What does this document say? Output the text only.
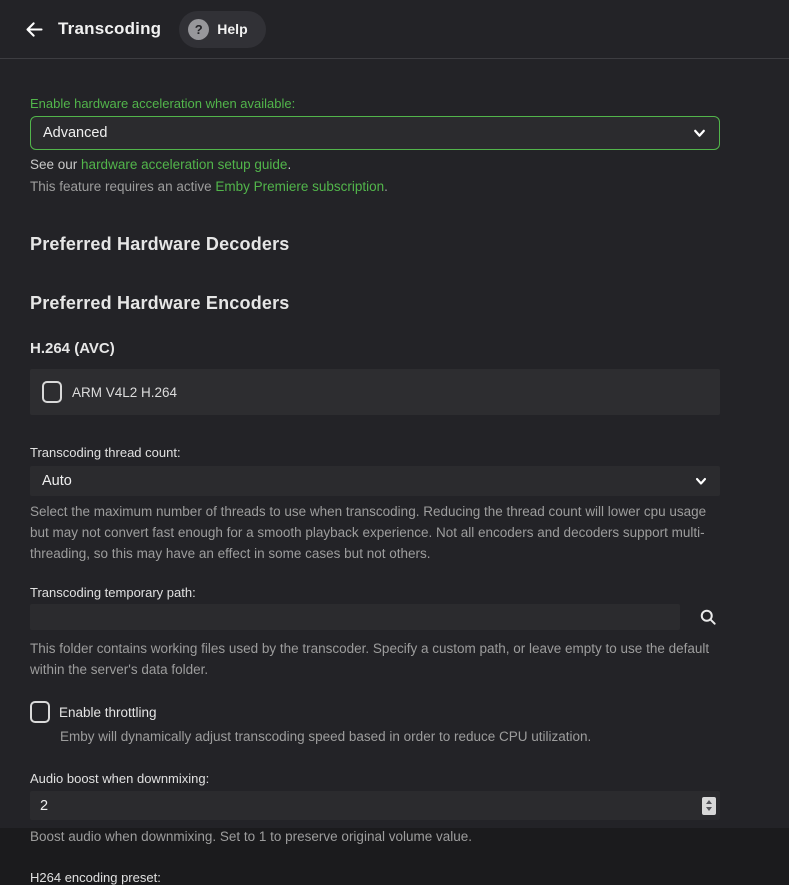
Transcoding	?	Help
Enable hardware acceleration when available:
Advanced
See our hardware acceleration setup guide.
This feature requires an active Emby Premiere subscription.
Preferred Hardware Decoders
Preferred Hardware Encoders
H.264 (AVC)
ARM V4L2 H.264
Transcoding thread count:
Auto
Select the maximum number of threads to use when transcoding. Reducing the thread count will lower cpu usage but may not convert fast enough for a smooth playback experience. Not all encoders and decoders support multi-threading, so this may have an effect in some cases but not others.
Transcoding temporary path:
This folder contains working files used by the transcoder. Specify a custom path, or leave empty to use the default within the server's data folder.
Enable throttling
Emby will dynamically adjust transcoding speed based in order to reduce CPU utilization.
Audio boost when downmixing:
2
Boost audio when downmixing. Set to 1 to preserve original volume value.
H264 encoding preset:
